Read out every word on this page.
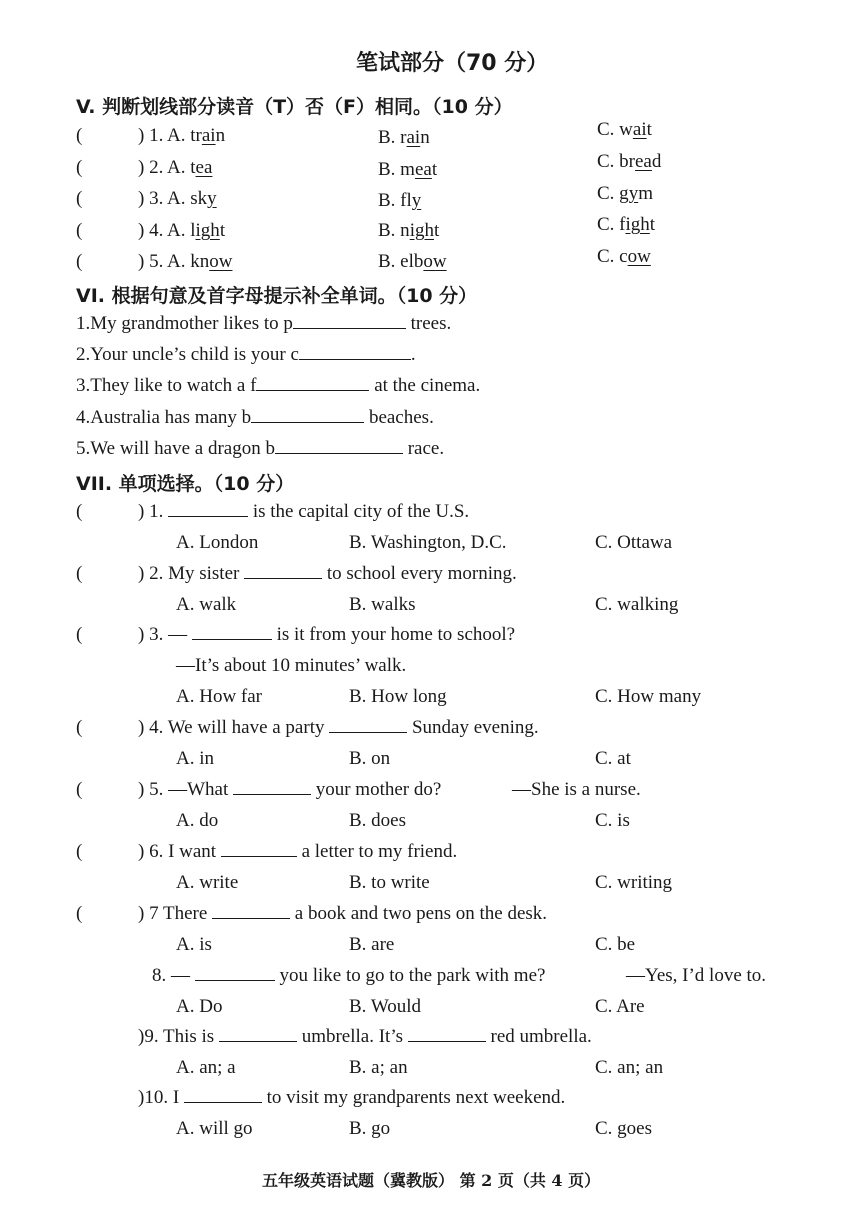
笔试部分（70 分）
V. 判断划线部分读音（T）否（F）相同。（10 分）
(	) 1. A. train	B. rain	C. wait
(	) 2. A. tea	B. meat	C. bread
(	) 3. A. sky	B. fly	C. gym
(	) 4. A. light	B. night	C. fight
(	) 5. A. know	B. elbow	C. cow
VI. 根据句意及首字母提示补全单词。（10 分）
1.My grandmother likes to p	trees.
2.Your uncle’s child is your c	.
3.They like to watch a f	at the cinema.
4.Australia has many b	beaches.
5.We will have a dragon b	race.
VII. 单项选择。（10 分）
(	) 1.	is the capital city of the U.S.
A. London	B. Washington, D.C.	C. Ottawa
(	) 2. My sister	to school every morning.
A. walk	B. walks	C. walking
(	) 3. —	is it from your home to school?
—It’s about 10 minutes’ walk.
A. How far	B. How long	C. How many
(	) 4. We will have a party	Sunday evening.
A. in	B. on	C. at
(	) 5. —What	your mother do?	—She is a nurse.
A. do	B. does	C. is
(	) 6. I want	a letter to my friend.
A. write	B. to write	C. writing
(	) 7 There	a book and two pens on the desk.
A. is	B. are	C. be
8. —	you like to go to the park with me?	—Yes, I’d love to.
A. Do	B. Would	C. Are
)9. This is	umbrella. It’s	red umbrella.
A. an; a	B. a; an	C. an; an
)10. I	to visit my grandparents next weekend.
A. will go	B. go	C. goes
五年级英语试题（冀教版） 第 2 页（共 4 页）
